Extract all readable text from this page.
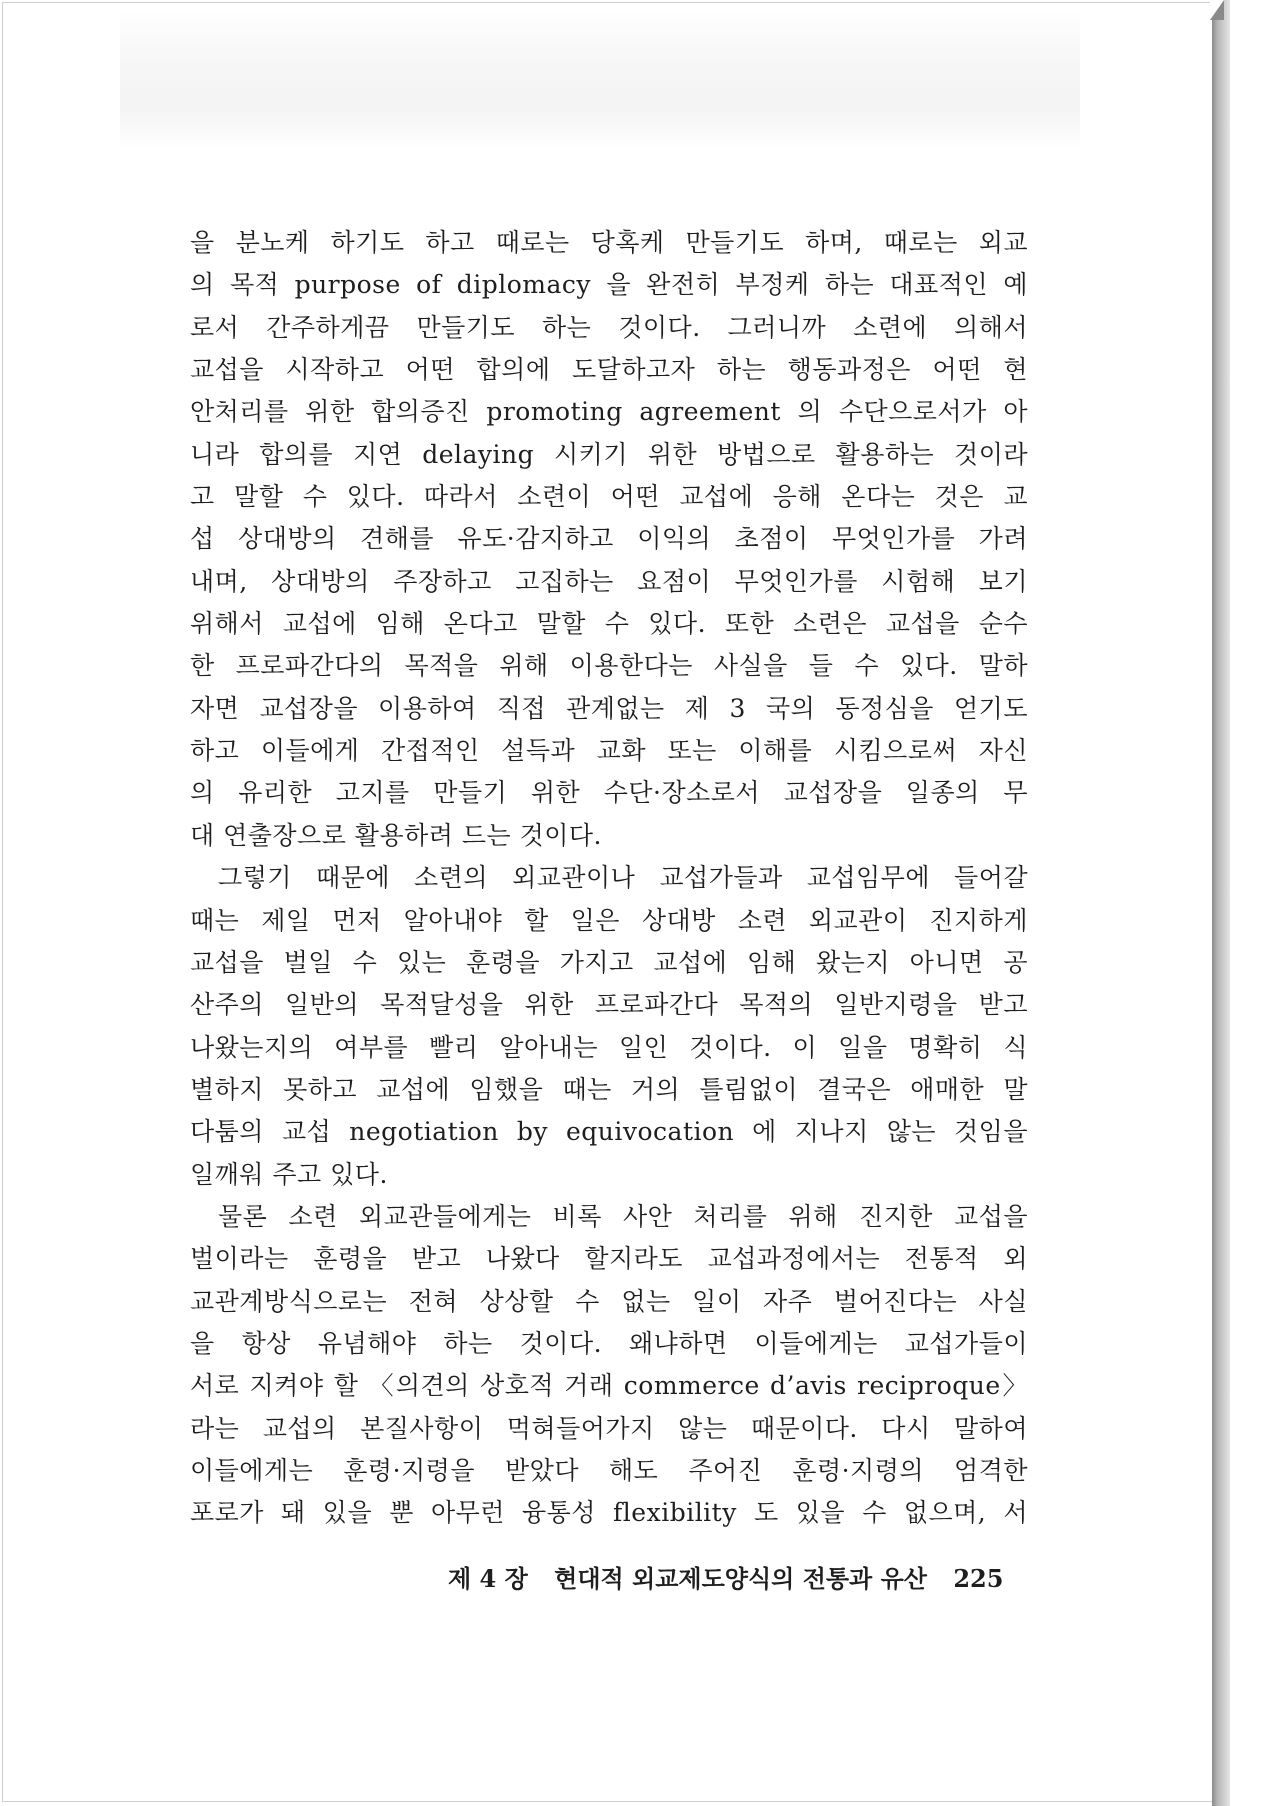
을 분노케 하기도 하고 때로는 당혹케 만들기도 하며, 때로는 외교
의 목적 purpose of diplomacy 을 완전히 부정케 하는 대표적인 예
로서 간주하게끔 만들기도 하는 것이다. 그러니까 소련에 의해서
교섭을 시작하고 어떤 합의에 도달하고자 하는 행동과정은 어떤 현
안처리를 위한 합의증진 promoting agreement 의 수단으로서가 아
니라 합의를 지연 delaying 시키기 위한 방법으로 활용하는 것이라
고 말할 수 있다. 따라서 소련이 어떤 교섭에 응해 온다는 것은 교
섭 상대방의 견해를 유도·감지하고 이익의 초점이 무엇인가를 가려
내며, 상대방의 주장하고 고집하는 요점이 무엇인가를 시험해 보기
위해서 교섭에 임해 온다고 말할 수 있다. 또한 소련은 교섭을 순수
한 프로파간다의 목적을 위해 이용한다는 사실을 들 수 있다. 말하
자면 교섭장을 이용하여 직접 관계없는 제 3 국의 동정심을 얻기도
하고 이들에게 간접적인 설득과 교화 또는 이해를 시킴으로써 자신
의 유리한 고지를 만들기 위한 수단·장소로서 교섭장을 일종의 무
대 연출장으로 활용하려 드는 것이다.
그렇기 때문에 소련의 외교관이나 교섭가들과 교섭임무에 들어갈
때는 제일 먼저 알아내야 할 일은 상대방 소련 외교관이 진지하게
교섭을 벌일 수 있는 훈령을 가지고 교섭에 임해 왔는지 아니면 공
산주의 일반의 목적달성을 위한 프로파간다 목적의 일반지령을 받고
나왔는지의 여부를 빨리 알아내는 일인 것이다. 이 일을 명확히 식
별하지 못하고 교섭에 임했을 때는 거의 틀림없이 결국은 애매한 말
다툼의 교섭 negotiation by equivocation 에 지나지 않는 것임을
일깨워 주고 있다.
물론 소련 외교관들에게는 비록 사안 처리를 위해 진지한 교섭을
벌이라는 훈령을 받고 나왔다 할지라도 교섭과정에서는 전통적 외
교관계방식으로는 전혀 상상할 수 없는 일이 자주 벌어진다는 사실
을 항상 유념해야 하는 것이다. 왜냐하면 이들에게는 교섭가들이
서로 지켜야 할 〈의견의 상호적 거래 commerce d’avis reciproque〉
라는 교섭의 본질사항이 먹혀들어가지 않는 때문이다. 다시 말하여
이들에게는 훈령·지령을 받았다 해도 주어진 훈령·지령의 엄격한
포로가 돼 있을 뿐 아무런 융통성 flexibility 도 있을 수 없으며, 서
제 4 장 현대적 외교제도양식의 전통과 유산 225
